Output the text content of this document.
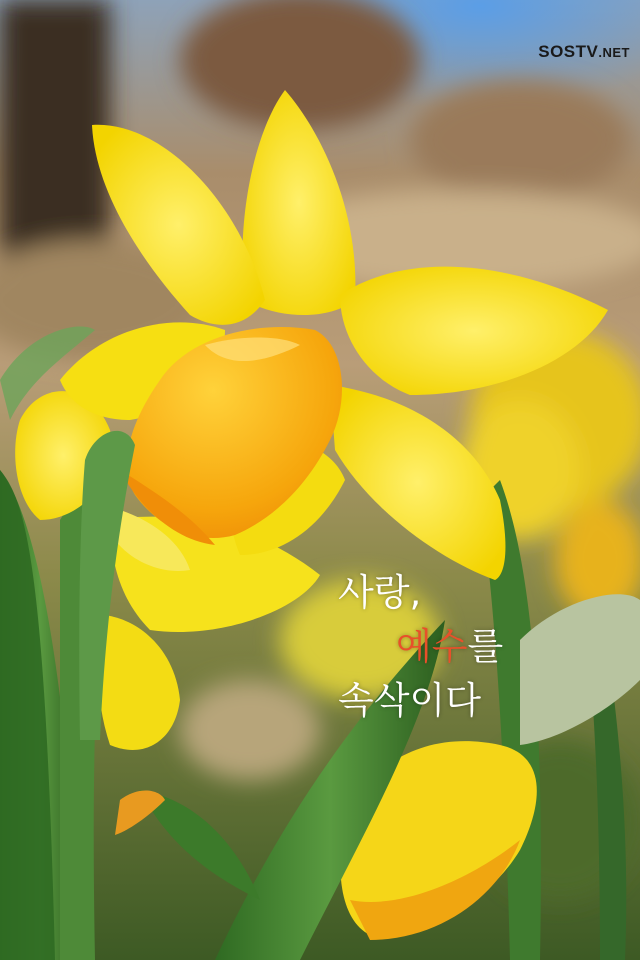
SOSTV.NET
사랑,
예수를
속삭이다
